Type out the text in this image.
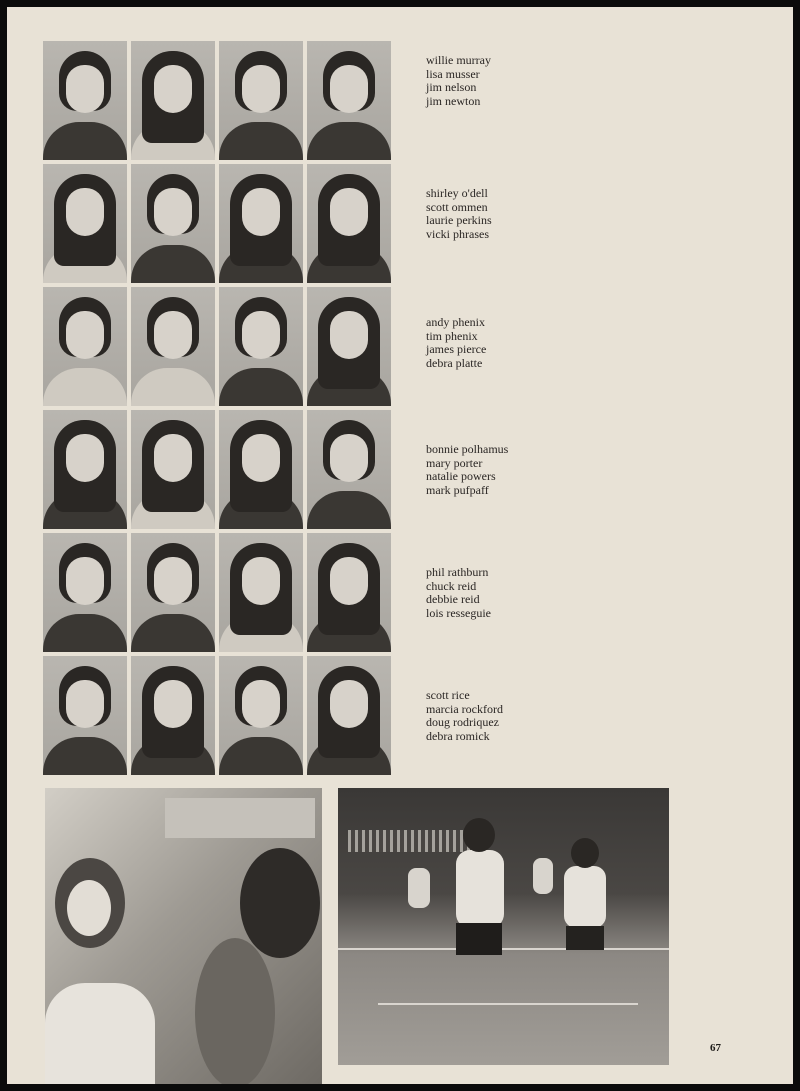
willie murray
lisa musser
jim nelson
jim newton
shirley o'dell
scott ommen
laurie perkins
vicki phrases
andy phenix
tim phenix
james pierce
debra platte
bonnie polhamus
mary porter
natalie powers
mark pufpaff
phil rathburn
chuck reid
debbie reid
lois resseguie
scott rice
marcia rockford
doug rodriquez
debra romick
67
